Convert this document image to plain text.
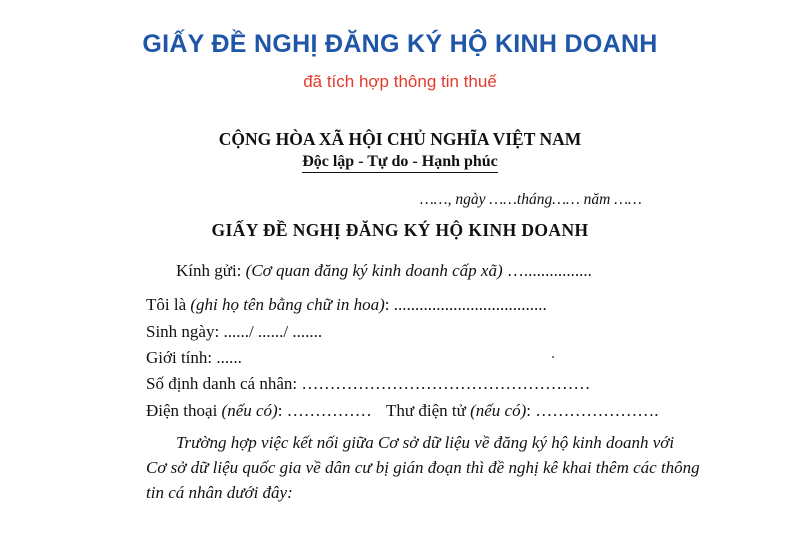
GIẤY ĐỀ NGHỊ ĐĂNG KÝ HỘ KINH DOANH
đã tích hợp thông tin thuế
CỘNG HÒA XÃ HỘI CHỦ NGHĨA VIỆT NAM
Độc lập - Tự do - Hạnh phúc
……, ngày ……tháng…… năm ……
GIẤY ĐỀ NGHỊ ĐĂNG KÝ HỘ KINH DOANH
Kính gửi: (Cơ quan đăng ký kinh doanh cấp xã) …................
Tôi là (ghi họ tên bằng chữ in hoa): ....................................
Sinh ngày: ....../ ....../ .......
Giới tính: ......
Số định danh cá nhân: ……………………………………………
Điện thoại (nếu có): …………… Thư điện tử (nếu có): ………………….
Trường hợp việc kết nối giữa Cơ sở dữ liệu về đăng ký hộ kinh doanh với
Cơ sở dữ liệu quốc gia về dân cư bị gián đoạn thì đề nghị kê khai thêm các thông
tin cá nhân dưới đây:
